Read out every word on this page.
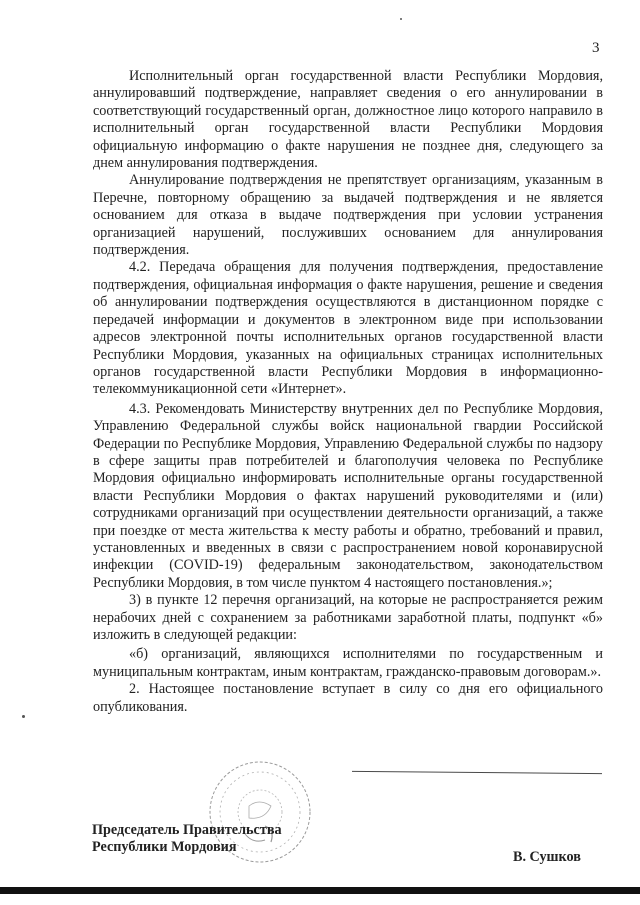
3

Исполнительный орган государственной власти Республики Мордовия, аннулировавший подтверждение, направляет сведения о его аннулировании в соответствующий государственный орган, должностное лицо которого направило в исполнительный орган государственной власти Республики Мордовия официальную информацию о факте нарушения не позднее дня, следующего за днем аннулирования подтверждения.

Аннулирование подтверждения не препятствует организациям, указанным в Перечне, повторному обращению за выдачей подтверждения и не является основанием для отказа в выдаче подтверждения при условии устранения организацией нарушений, послуживших основанием для аннулирования подтверждения.

4.2. Передача обращения для получения подтверждения, предоставление подтверждения, официальная информация о факте нарушения, решение и сведения об аннулировании подтверждения осуществляются в дистанционном порядке с передачей информации и документов в электронном виде при использовании адресов электронной почты исполнительных органов государственной власти Республики Мордовия, указанных на официальных страницах исполнительных органов государственной власти Республики Мордовия в информационно-телекоммуникационной сети «Интернет».

4.3. Рекомендовать Министерству внутренних дел по Республике Мордовия, Управлению Федеральной службы войск национальной гвардии Российской Федерации по Республике Мордовия, Управлению Федеральной службы по надзору в сфере защиты прав потребителей и благополучия человека по Республике Мордовия официально информировать исполнительные органы государственной власти Республики Мордовия о фактах нарушений руководителями и (или) сотрудниками организаций при осуществлении деятельности организаций, а также при поездке от места жительства к месту работы и обратно, требований и правил, установленных и введенных в связи с распространением новой коронавирусной инфекции (COVID-19) федеральным законодательством, законодательством Республики Мордовия, в том числе пунктом 4 настоящего постановления.»;

3) в пункте 12 перечня организаций, на которые не распространяется режим нерабочих дней с сохранением за работниками заработной платы, подпункт «б» изложить в следующей редакции:

«б) организаций, являющихся исполнителями по государственным и муниципальным контрактам, иным контрактам, гражданско-правовым договорам.».

2. Настоящее постановление вступает в силу со дня его официального опубликования.

Председатель Правительства
Республики Мордовия
В. Сушков
